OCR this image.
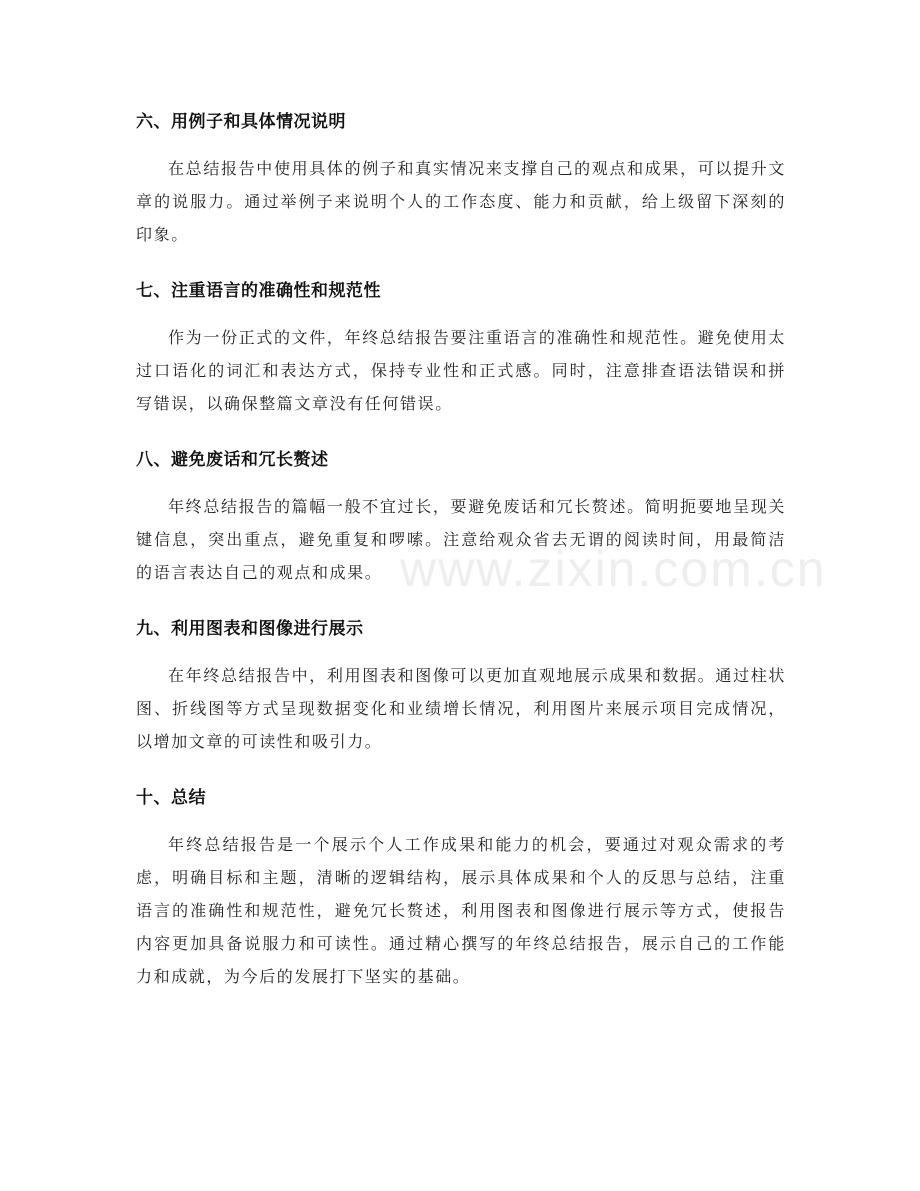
www.zixin.com.cn
六、用例子和具体情况说明

在总结报告中使用具体的例子和真实情况来支撑自己的观点和成果，可以提升文章的说服力。通过举例子来说明个人的工作态度、能力和贡献，给上级留下深刻的印象。

七、注重语言的准确性和规范性

作为一份正式的文件，年终总结报告要注重语言的准确性和规范性。避免使用太过口语化的词汇和表达方式，保持专业性和正式感。同时，注意排查语法错误和拼写错误，以确保整篇文章没有任何错误。

八、避免废话和冗长赘述

年终总结报告的篇幅一般不宜过长，要避免废话和冗长赘述。简明扼要地呈现关键信息，突出重点，避免重复和啰嗦。注意给观众省去无谓的阅读时间，用最简洁的语言表达自己的观点和成果。

九、利用图表和图像进行展示

在年终总结报告中，利用图表和图像可以更加直观地展示成果和数据。通过柱状图、折线图等方式呈现数据变化和业绩增长情况，利用图片来展示项目完成情况，以增加文章的可读性和吸引力。

十、总结

年终总结报告是一个展示个人工作成果和能力的机会，要通过对观众需求的考虑，明确目标和主题，清晰的逻辑结构，展示具体成果和个人的反思与总结，注重语言的准确性和规范性，避免冗长赘述，利用图表和图像进行展示等方式，使报告内容更加具备说服力和可读性。通过精心撰写的年终总结报告，展示自己的工作能力和成就，为今后的发展打下坚实的基础。
